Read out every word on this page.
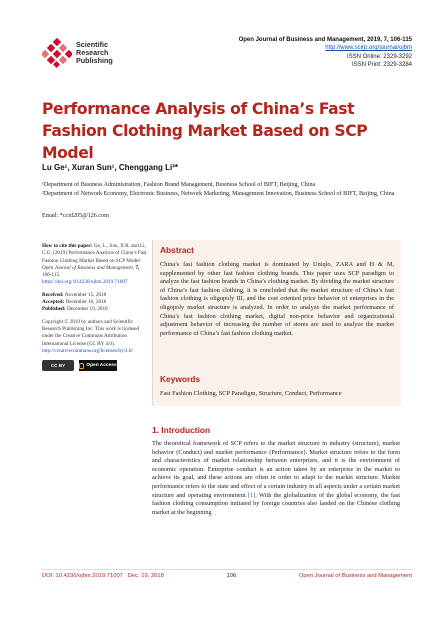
Scientific
Research
Publishing
Open Journal of Business and Management, 2019, 7, 106-115
http://www.scirp.org/journal/ojbm
ISSN Online: 2329-3292
ISSN Print: 2329-3284
Performance Analysis of China’s Fast Fashion Clothing Market Based on SCP Model
Lu Ge¹, Xuran Sun¹, Chenggang Li²*

¹Department of Business Administration, Fashion Brand Management, Business School of BIFT, Beijing, China

²Department of Network Economy, Electronic Business, Network Marketing, Management Innovation, Business School of BIFT, Beijing, China

Email: *ccid205@126.com

How to cite this paper: Ge, L., Sun, X.R. and Li, C.G. (2019) Performance Analysis of China’s Fast Fashion Clothing Market Based on SCP Model. Open Journal of Business and Management, 7, 106-115.
https://doi.org/10.4236/ojbm.2019.71007

Received: November 15, 2018
Accepted: December 16, 2018
Published: December 19, 2018

Copyright © 2019 by authors and Scientific Research Publishing Inc. This work is licensed under the Creative Commons Attribution International License (CC BY 4.0).
http://creativecommons.org/licenses/by/4.0/

CC BY	Open Access
Abstract

China’s fast fashion clothing market is dominated by Uniqlo, ZARA and H & M, supplemented by other fast fashion clothing brands. This paper uses SCP paradigm to analyze the fast fashion brands in China’s clothing market. By dividing the market structure of China’s fast fashion clothing, it is concluded that the market structure of China’s fast fashion clothing is oligopoly III, and the cost oriented price behavior of enterprises in the oligopoly market structure is analyzed. In order to analyze the market performance of China’s fast fashion clothing market, digital non-price behavior and organizational adjustment behavior of increasing the number of stores are used to analyze the market performance of China’s fast fashion clothing market.

Keywords
Fast Fashion Clothing, SCP Paradigm, Structure, Conduct, Performance
1. Introduction

The theoretical framework of SCP refers to the market structure in industry (structure), market behavior (Conduct) and market performance (Performance). Market structure refers to the form and characteristics of market relationship between enterprises, and it is the environment of economic operation. Enterprise conduct is an action taken by an enterprise in the market to achieve its goal, and these actions are often in order to adapt to the market structure. Market performance refers to the state and effect of a certain industry in all aspects under a certain market structure and operating environment [1]. With the globalization of the global economy, the fast fashion clothing consumption initiated by foreign countries also landed on the Chinese clothing market at the beginning

DOI: 10.4236/ojbm.2019.71007 Dec. 19, 2018	106	Open Journal of Business and Management
